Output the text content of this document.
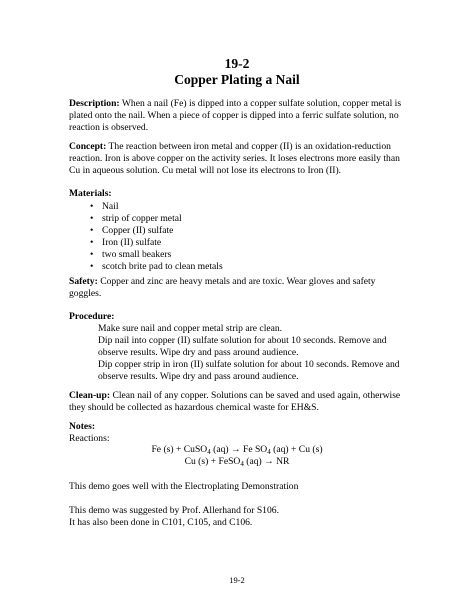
19-2
Copper Plating a Nail
Description: When a nail (Fe) is dipped into a copper sulfate solution, copper metal is plated onto the nail. When a piece of copper is dipped into a ferric sulfate solution, no reaction is observed.
Concept: The reaction between iron metal and copper (II) is an oxidation-reduction reaction. Iron is above copper on the activity series. It loses electrons more easily than Cu in aqueous solution. Cu metal will not lose its electrons to Iron (II).
Materials:
• Nail
• strip of copper metal
• Copper (II) sulfate
• Iron (II) sulfate
• two small beakers
• scotch brite pad to clean metals
Safety: Copper and zinc are heavy metals and are toxic. Wear gloves and safety goggles.
Procedure:
Make sure nail and copper metal strip are clean.
Dip nail into copper (II) sulfate solution for about 10 seconds. Remove and observe results. Wipe dry and pass around audience.
Dip copper strip in iron (II) sulfate solution for about 10 seconds. Remove and observe results. Wipe dry and pass around audience.
Clean-up: Clean nail of any copper. Solutions can be saved and used again, otherwise they should be collected as hazardous chemical waste for EH&S.
Notes:
Reactions:
Fe (s) + CuSO$_4$ (aq) → Fe $SO_4$ (aq) + Cu (s)
Cu (s) + FeSO$_4$ (aq) → NR
This demo goes well with the Electroplating Demonstration
This demo was suggested by Prof. Allerhand for S106.
It has also been done in C101, C105, and C106.
19-2
